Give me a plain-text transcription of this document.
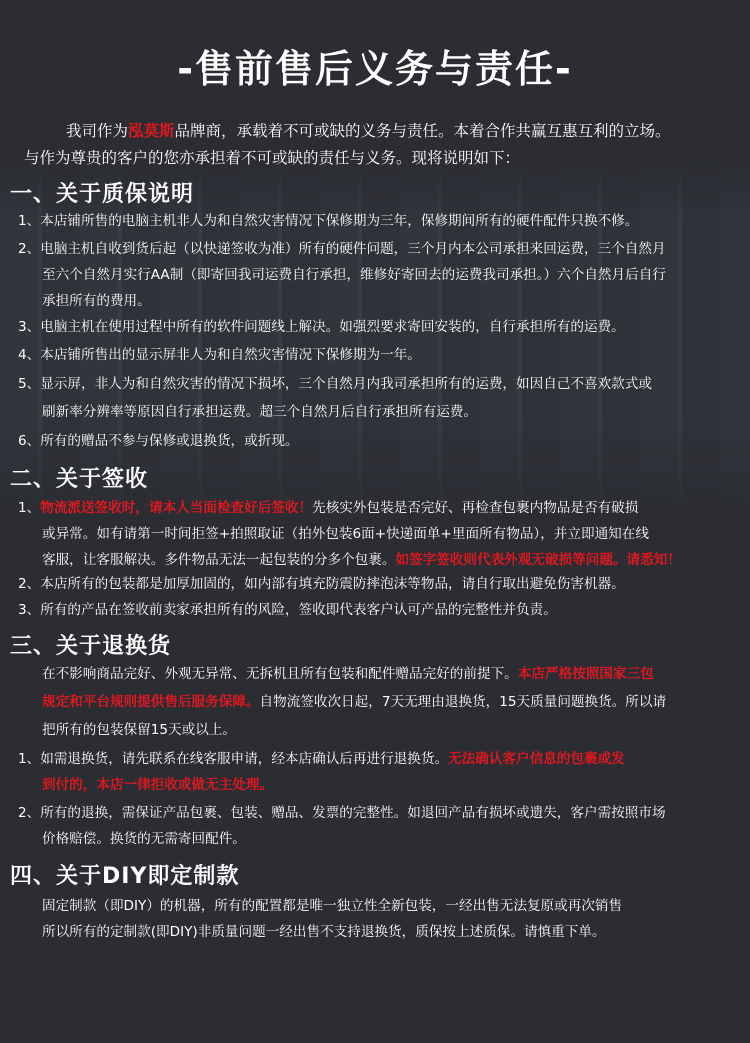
-售前售后义务与责任-
我司作为泓莫斯品牌商，承载着不可或缺的义务与责任。本着合作共赢互惠互利的立场。
与作为尊贵的客户的您亦承担着不可或缺的责任与义务。现将说明如下：
一、关于质保说明
1、本店铺所售的电脑主机非人为和自然灾害情况下保修期为三年，保修期间所有的硬件配件只换不修。
2、电脑主机自收到货后起（以快递签收为准）所有的硬件问题，三个月内本公司承担来回运费，三个自然月
至六个自然月实行AA制（即寄回我司运费自行承担，维修好寄回去的运费我司承担。）六个自然月后自行
承担所有的费用。
3、电脑主机在使用过程中所有的软件问题线上解决。如强烈要求寄回安装的，自行承担所有的运费。
4、本店铺所售出的显示屏非人为和自然灾害情况下保修期为一年。
5、显示屏，非人为和自然灾害的情况下损坏，三个自然月内我司承担所有的运费，如因自己不喜欢款式或
刷新率分辨率等原因自行承担运费。超三个自然月后自行承担所有运费。
6、所有的赠品不参与保修或退换货，或折现。
二、关于签收
1、物流派送签收时，请本人当面检查好后签收！先核实外包装是否完好、再检查包裹内物品是否有破损
或异常。如有请第一时间拒签+拍照取证（拍外包装6面+快递面单+里面所有物品），并立即通知在线
客服，让客服解决。多件物品无法一起包装的分多个包裹。如签字签收则代表外观无破损等问题。请悉知！
2、本店所有的包装都是加厚加固的，如内部有填充防震防摔泡沫等物品，请自行取出避免伤害机器。
3、所有的产品在签收前卖家承担所有的风险，签收即代表客户认可产品的完整性并负责。
三、关于退换货
在不影响商品完好、外观无异常、无拆机且所有包装和配件赠品完好的前提下。本店严格按照国家三包
规定和平台规则提供售后服务保障。自物流签收次日起，7天无理由退换货，15天质量问题换货。所以请
把所有的包装保留15天或以上。
1、如需退换货，请先联系在线客服申请，经本店确认后再进行退换货。无法确认客户信息的包裹或发
到付的，本店一律拒收或做无主处理。
2、所有的退换，需保证产品包裹、包装、赠品、发票的完整性。如退回产品有损坏或遗失，客户需按照市场
价格赔偿。换货的无需寄回配件。
四、关于DIY即定制款
固定制款（即DIY）的机器，所有的配置都是唯一独立性全新包装，一经出售无法复原或再次销售
所以所有的定制款(即DIY)非质量问题一经出售不支持退换货，质保按上述质保。请慎重下单。
